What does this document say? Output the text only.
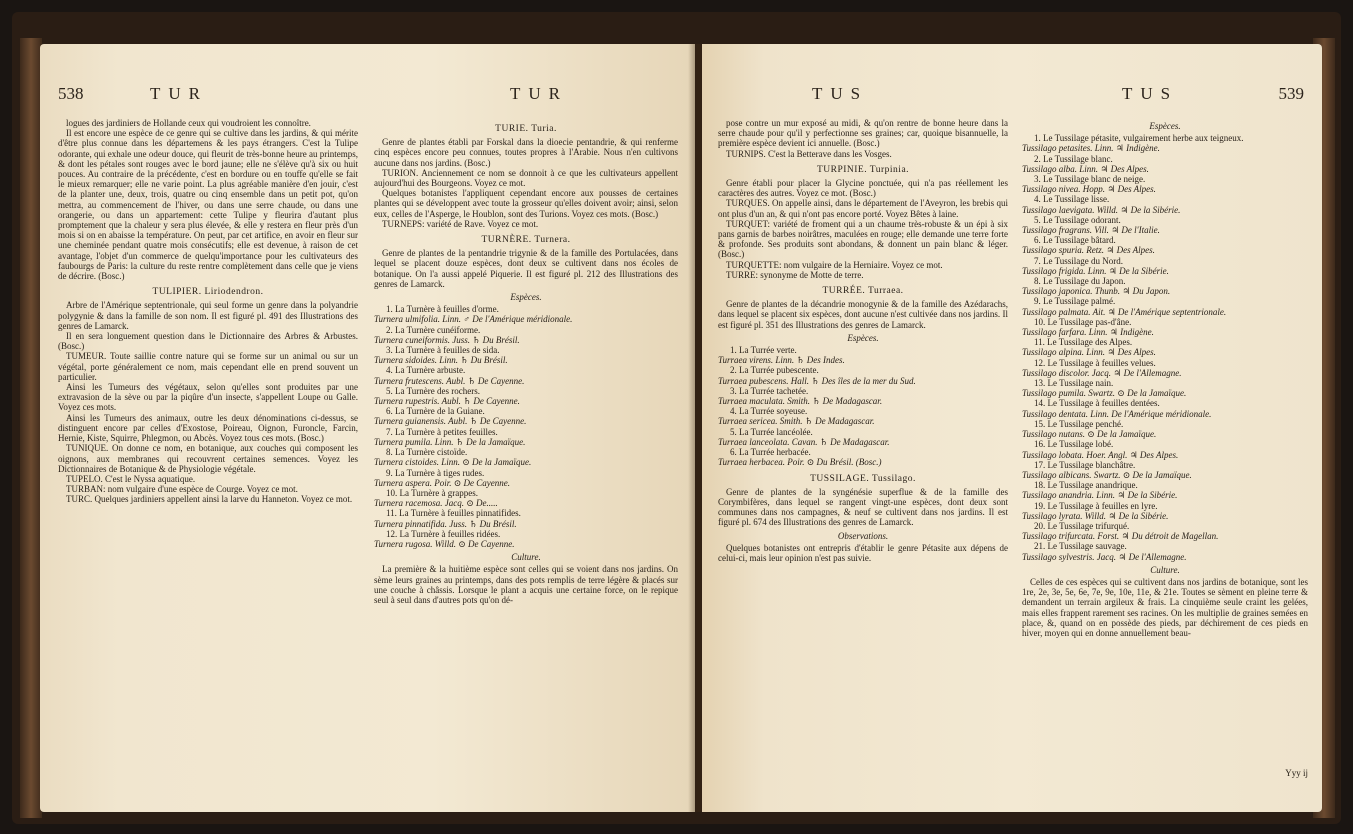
538	TUR	TUR

logues des jardiniers de Hollande ceux qui voudroient les connoître.

Il est encore une espèce de ce genre qui se cultive dans les jardins, & qui mérite d'être plus connue dans les départemens & les pays étrangers. C'est la Tulipe odorante, qui exhale une odeur douce, qui fleurit de très-bonne heure au printemps, & dont les pétales sont rouges avec le bord jaune; elle ne s'élève qu'à six ou huit pouces. Au contraire de la précédente, c'est en bordure ou en touffe qu'elle se fait le mieux remarquer; elle ne varie point. La plus agréable manière d'en jouir, c'est de la planter une, deux, trois, quatre ou cinq ensemble dans un petit pot, qu'on mettra, au commencement de l'hiver, ou dans une serre chaude, ou dans une orangerie, ou dans un appartement: cette Tulipe y fleurira d'autant plus promptement que la chaleur y sera plus élevée, & elle y restera en fleur près d'un mois si on en abaisse la température. On peut, par cet artifice, en avoir en fleur sur une cheminée pendant quatre mois consécutifs; elle est devenue, à raison de cet avantage, l'objet d'un commerce de quelqu'importance pour les cultivateurs des faubourgs de Paris: la culture du reste rentre complètement dans celle que je viens de décrire. (Bosc.)

TULIPIER. Liriodendron.

Arbre de l'Amérique septentrionale, qui seul forme un genre dans la polyandrie polygynie & dans la famille de son nom. Il est figuré pl. 491 des Illustrations des genres de Lamarck.

Il en sera longuement question dans le Dictionnaire des Arbres & Arbustes. (Bosc.)

TUMEUR. Toute saillie contre nature qui se forme sur un animal ou sur un végétal, porte généralement ce nom, mais cependant elle en prend souvent un particulier.

Ainsi les Tumeurs des végétaux, selon qu'elles sont produites par une extravasion de la sève ou par la piqûre d'un insecte, s'appellent Loupe ou Galle. Voyez ces mots.

Ainsi les Tumeurs des animaux, outre les deux dénominations ci-dessus, se distinguent encore par celles d'Exostose, Poireau, Oignon, Furoncle, Farcin, Hernie, Kiste, Squirre, Phlegmon, ou Abcès. Voyez tous ces mots. (Bosc.)

TUNIQUE. On donne ce nom, en botanique, aux couches qui composent les oignons, aux membranes qui recouvrent certaines semences. Voyez les Dictionnaires de Botanique & de Physiologie végétale.

TUPELO. C'est le Nyssa aquatique.

TURBAN: nom vulgaire d'une espèce de Courge. Voyez ce mot.

TURC. Quelques jardiniers appellent ainsi la larve du Hanneton. Voyez ce mot.

TURIE. Turia.

Genre de plantes établi par Forskal dans la dioecie pentandrie, & qui renferme cinq espèces encore peu connues, toutes propres à l'Arabie. Nous n'en cultivons aucune dans nos jardins. (Bosc.)

TURION. Anciennement ce nom se donnoit à ce que les cultivateurs appellent aujourd'hui des Bourgeons. Voyez ce mot.

Quelques botanistes l'appliquent cependant encore aux pousses de certaines plantes qui se développent avec toute la grosseur qu'elles doivent avoir; ainsi, selon eux, celles de l'Asperge, le Houblon, sont des Turions. Voyez ces mots. (Bosc.)

TURNEPS: variété de Rave. Voyez ce mot.

TURNÈRE. Turnera.

Genre de plantes de la pentandrie trigynie & de la famille des Portulacées, dans lequel se placent douze espèces, dont deux se cultivent dans nos écoles de botanique. On l'a aussi appelé Piquerie. Il est figuré pl. 212 des Illustrations des genres de Lamarck.

Espèces.

1. La Turnère à feuilles d'orme.

Turnera ulmifolia. Linn. ♂ De l'Amérique méridionale.

2. La Turnère cunéiforme.

Turnera cuneiformis. Juss. ♄ Du Brésil.

3. La Turnère à feuilles de sida.

Turnera sidoides. Linn. ♄ Du Brésil.

4. La Turnère arbuste.

Turnera frutescens. Aubl. ♄ De Cayenne.

5. La Turnère des rochers.

Turnera rupestris. Aubl. ♄ De Cayenne.

6. La Turnère de la Guiane.

Turnera guianensis. Aubl. ♄ De Cayenne.

7. La Turnère à petites feuilles.

Turnera pumila. Linn. ♄ De la Jamaïque.

8. La Turnère cistoïde.

Turnera cistoides. Linn. ⊙ De la Jamaïque.

9. La Turnère à tiges rudes.

Turnera aspera. Poir. ⊙ De Cayenne.

10. La Turnère à grappes.

Turnera racemosa. Jacq. ⊙ De.....

11. La Turnère à feuilles pinnatifides.

Turnera pinnatifida. Juss. ♄ Du Brésil.

12. La Turnère à feuilles ridées.

Turnera rugosa. Willd. ⊙ De Cayenne.

Culture.

La première & la huitième espèce sont celles qui se voient dans nos jardins. On sème leurs graines au printemps, dans des pots remplis de terre légère & placés sur une couche à châssis. Lorsque le plant a acquis une certaine force, on le repique seul à seul dans d'autres pots qu'on dé-

TUS	TUS	539

pose contre un mur exposé au midi, & qu'on rentre de bonne heure dans la serre chaude pour qu'il y perfectionne ses graines; car, quoique bisannuelle, la première espèce devient ici annuelle. (Bosc.)

TURNIPS. C'est la Betterave dans les Vosges.

TURPINIE. Turpinia.

Genre établi pour placer la Glycine ponctuée, qui n'a pas réellement les caractères des autres. Voyez ce mot. (Bosc.)

TURQUES. On appelle ainsi, dans le département de l'Aveyron, les brebis qui ont plus d'un an, & qui n'ont pas encore porté. Voyez Bêtes à laine.

TURQUET: variété de froment qui a un chaume très-robuste & un épi à six pans garnis de barbes noirâtres, maculées en rouge; elle demande une terre forte & profonde. Ses produits sont abondans, & donnent un pain blanc & léger. (Bosc.)

TURQUETTE: nom vulgaire de la Herniaire. Voyez ce mot.

TURRE: synonyme de Motte de terre.

TURRÉE. Turraea.

Genre de plantes de la décandrie monogynie & de la famille des Azédarachs, dans lequel se placent six espèces, dont aucune n'est cultivée dans nos jardins. Il est figuré pl. 351 des Illustrations des genres de Lamarck.

Espèces.

1. La Turrée verte.

Turraea virens. Linn. ♄ Des Indes.

2. La Turrée pubescente.

Turraea pubescens. Hall. ♄ Des îles de la mer du Sud.

3. La Turrée tachetée.

Turraea maculata. Smith. ♄ De Madagascar.

4. La Turrée soyeuse.

Turraea sericea. Smith. ♄ De Madagascar.

5. La Turrée lancéolée.

Turraea lanceolata. Cavan. ♄ De Madagascar.

6. La Turrée herbacée.

Turraea herbacea. Poir. ⊙ Du Brésil. (Bosc.)

TUSSILAGE. Tussilago.

Genre de plantes de la syngénésie superflue & de la famille des Corymbifères, dans lequel se rangent vingt-une espèces, dont deux sont communes dans nos campagnes, & neuf se cultivent dans nos jardins. Il est figuré pl. 674 des Illustrations des genres de Lamarck.

Observations.

Quelques botanistes ont entrepris d'établir le genre Pétasite aux dépens de celui-ci, mais leur opinion n'est pas suivie.

Espèces.

1. Le Tussilage pétasite, vulgairement herbe aux teigneux.

Tussilago petasites. Linn. ♃ Indigène.

2. Le Tussilage blanc.

Tussilago alba. Linn. ♃ Des Alpes.

3. Le Tussilage blanc de neige.

Tussilago nivea. Hopp. ♃ Des Alpes.

4. Le Tussilage lisse.

Tussilago laevigata. Willd. ♃ De la Sibérie.

5. Le Tussilage odorant.

Tussilago fragrans. Vill. ♃ De l'Italie.

6. Le Tussilage bâtard.

Tussilago spuria. Retz. ♃ Des Alpes.

7. Le Tussilage du Nord.

Tussilago frigida. Linn. ♃ De la Sibérie.

8. Le Tussilage du Japon.

Tussilago japonica. Thunb. ♃ Du Japon.

9. Le Tussilage palmé.

Tussilago palmata. Ait. ♃ De l'Amérique septentrionale.

10. Le Tussilage pas-d'âne.

Tussilago farfara. Linn. ♃ Indigène.

11. Le Tussilage des Alpes.

Tussilago alpina. Linn. ♃ Des Alpes.

12. Le Tussilage à feuilles velues.

Tussilago discolor. Jacq. ♃ De l'Allemagne.

13. Le Tussilage nain.

Tussilago pumila. Swartz. ⊙ De la Jamaïque.

14. Le Tussilage à feuilles dentées.

Tussilago dentata. Linn. De l'Amérique méridionale.

15. Le Tussilage penché.

Tussilago nutans. ⊙ De la Jamaïque.

16. Le Tussilage lobé.

Tussilago lobata. Hoer. Angl. ♃ Des Alpes.

17. Le Tussilage blanchâtre.

Tussilago albicans. Swartz. ⊙ De la Jamaïque.

18. Le Tussilage anandrique.

Tussilago anandria. Linn. ♃ De la Sibérie.

19. Le Tussilage à feuilles en lyre.

Tussilago lyrata. Willd. ♃ De la Sibérie.

20. Le Tussilage trifurqué.

Tussilago trifurcata. Forst. ♃ Du détroit de Magellan.

21. Le Tussilage sauvage.

Tussilago sylvestris. Jacq. ♃ De l'Allemagne.

Culture.

Celles de ces espèces qui se cultivent dans nos jardins de botanique, sont les 1re, 2e, 3e, 5e, 6e, 7e, 9e, 10e, 11e, & 21e. Toutes se sèment en pleine terre & demandent un terrain argileux & frais. La cinquième seule craint les gelées, mais elles frappent rarement ses racines. On les multiplie de graines semées en place, &, quand on en possède des pieds, par déchirement de ces pieds en hiver, moyen qui en donne annuellement beau-

Yyy ij
